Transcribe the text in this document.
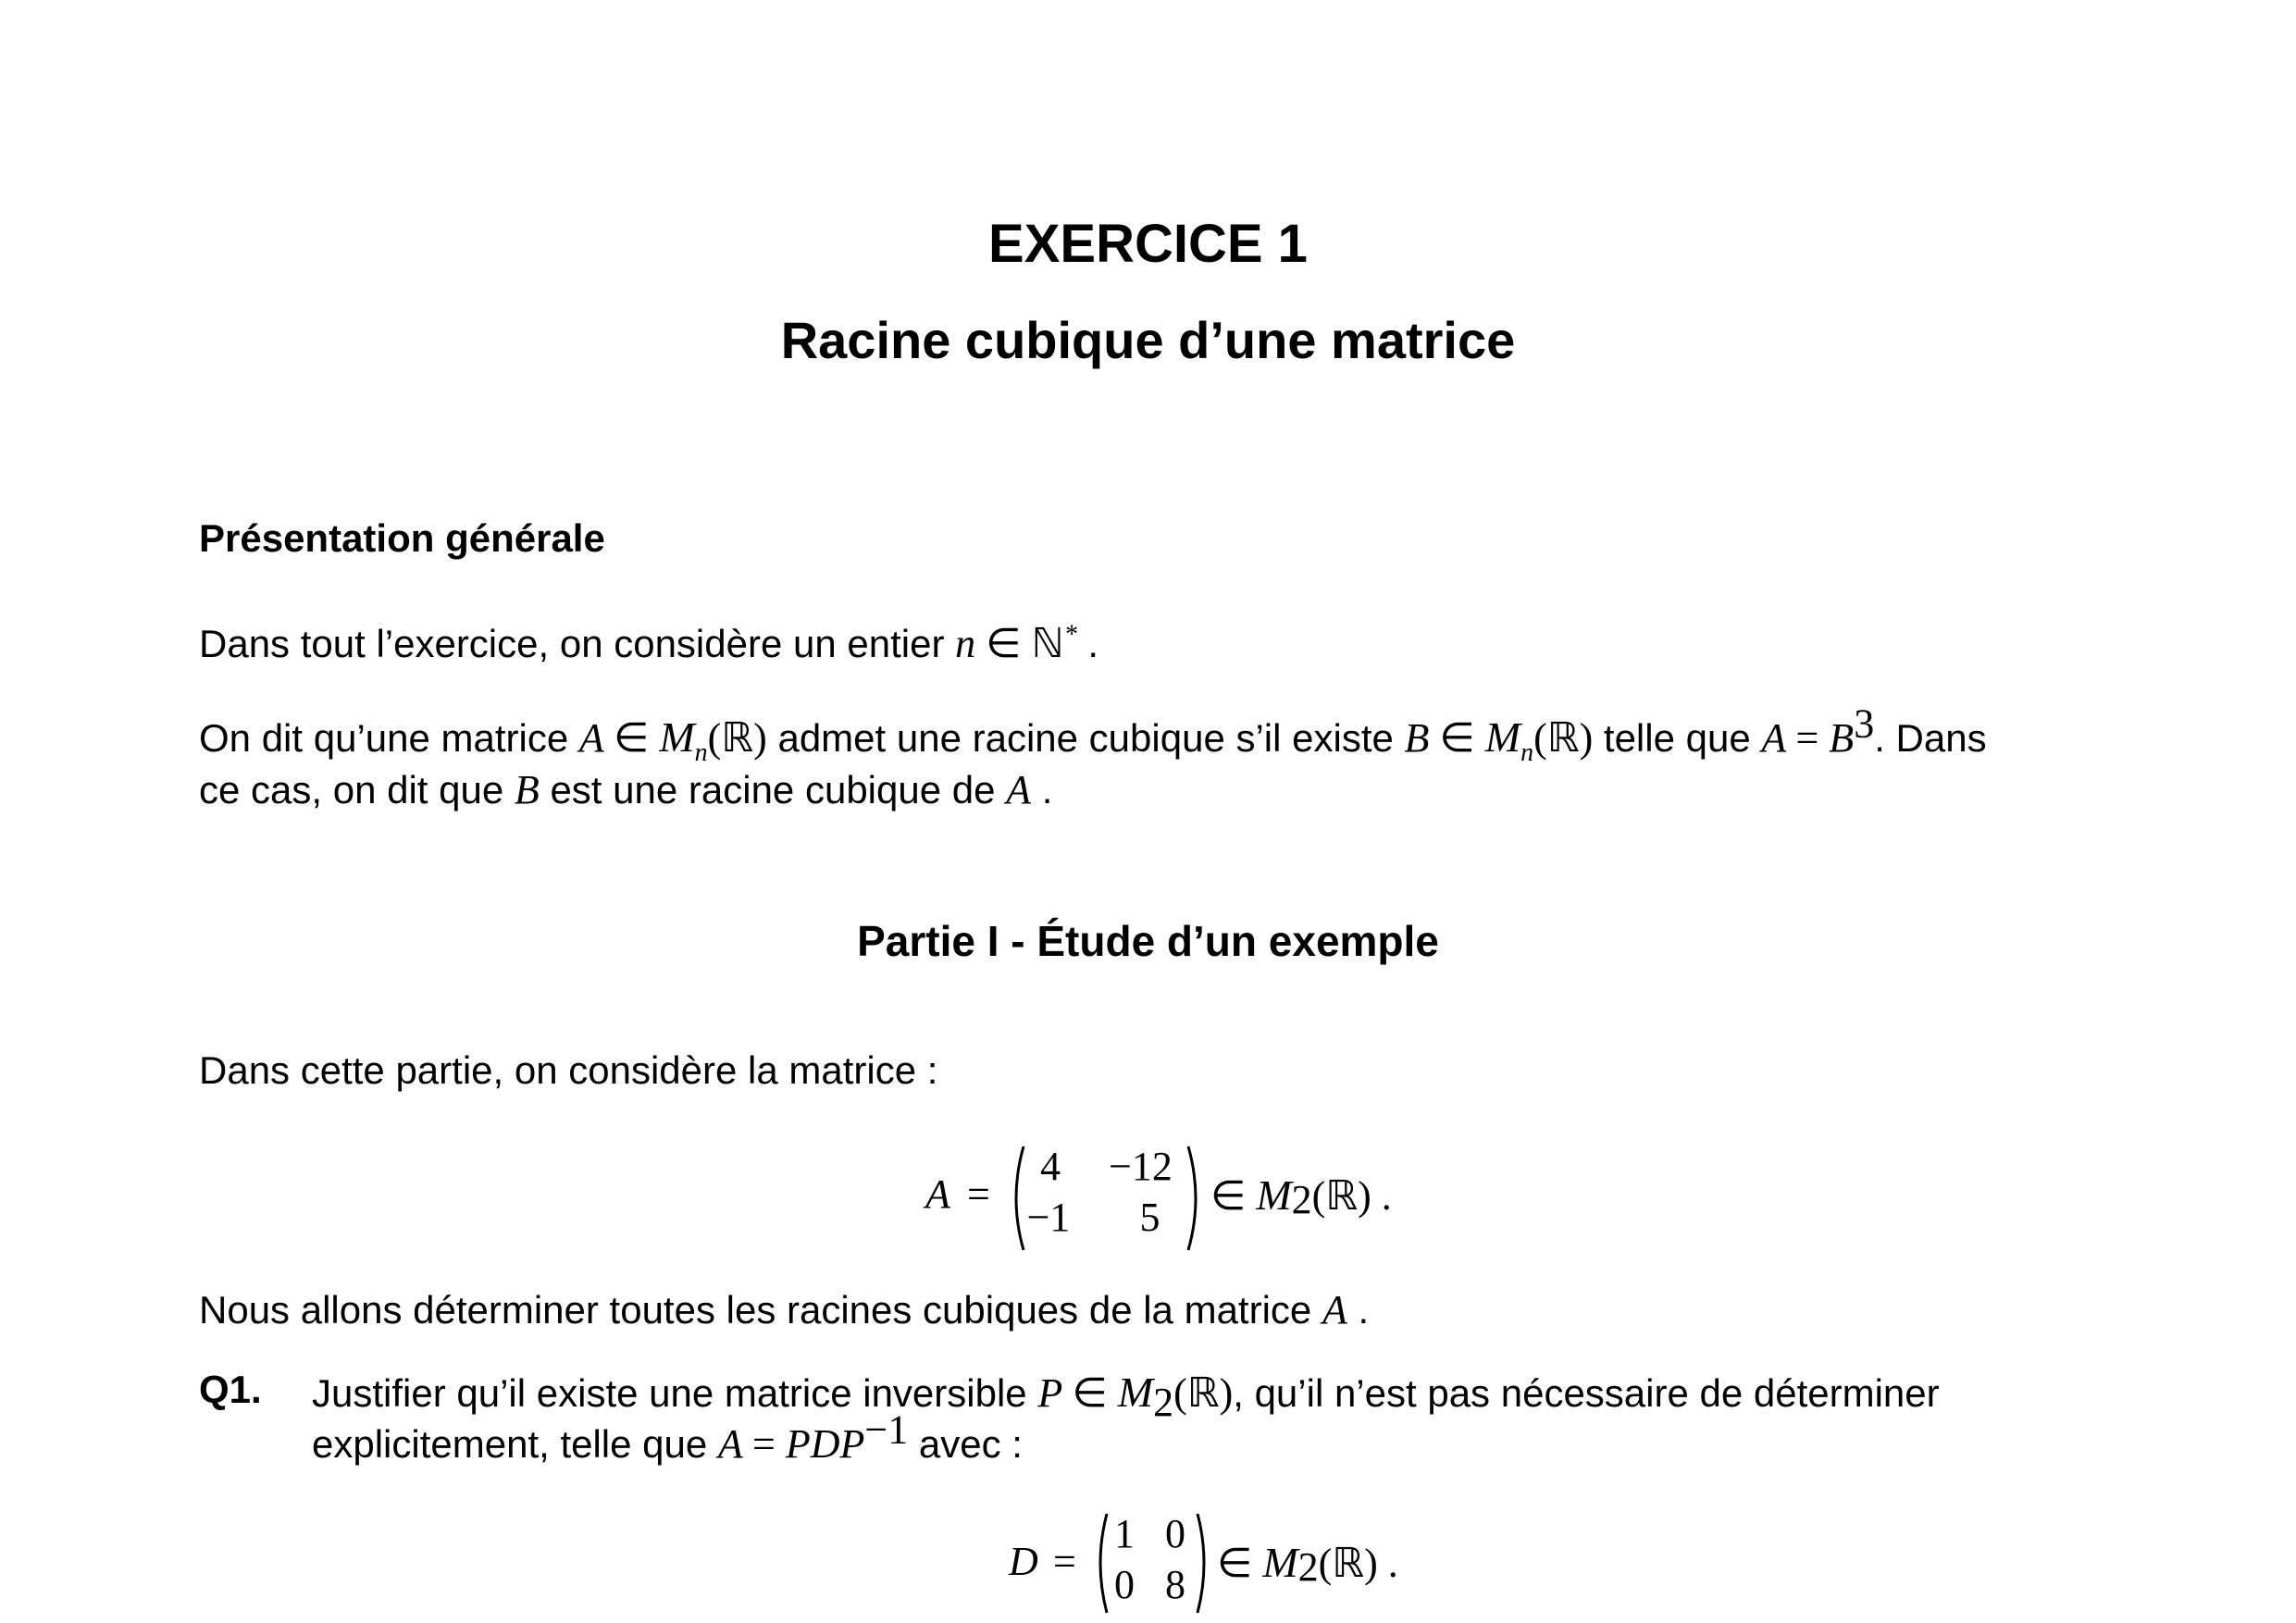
EXERCICE 1
Racine cubique d’une matrice
Présentation générale
Dans tout l’exercice, on considère un entier n ∈ ℕ* .
On dit qu’une matrice A ∈ $M_n(ℝ)$ admet une racine cubique s’il existe B ∈ $M_n(ℝ)$ telle que $A = B^3$. Dans
ce cas, on dit que B est une racine cubique de A .
Partie I - Étude d’un exemple
Dans cette partie, on considère la matrice :
A =
4	−12
−1	5	∈ $M_2(ℝ)$ .
Nous allons déterminer toutes les racines cubiques de la matrice A .
Q1. Justifier qu’il existe une matrice inversible P ∈ $M_2(ℝ)$, qu’il n’est pas nécessaire de déterminer
explicitement, telle que $A = PDP^{-1}$ avec :
D =
1 0
0 8 ∈ $M_2(ℝ)$ .
